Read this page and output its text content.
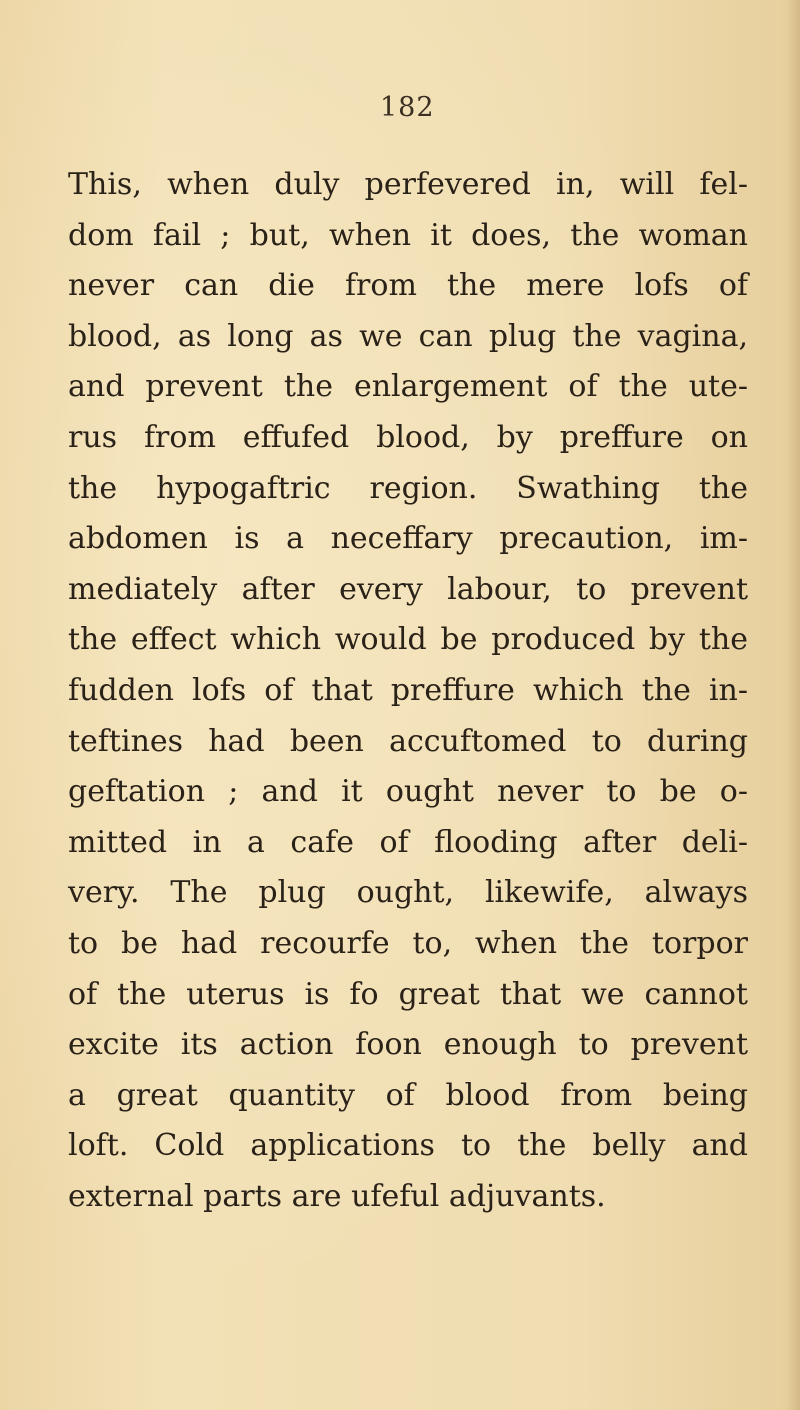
182
This, when duly perfevered in, will fel-
dom fail ; but, when it does, the woman
never can die from the mere lofs of
blood, as long as we can plug the vagina,
and prevent the enlargement of the ute-
rus from effufed blood, by preffure on
the hypogaftric region. Swathing the
abdomen is a neceffary precaution, im-
mediately after every labour, to prevent
the effect which would be produced by the
fudden lofs of that preffure which the in-
teftines had been accuftomed to during
geftation ; and it ought never to be o-
mitted in a cafe of flooding after deli-
very. The plug ought, likewife, always
to be had recourfe to, when the torpor
of the uterus is fo great that we cannot
excite its action foon enough to prevent
a great quantity of blood from being
loft. Cold applications to the belly and
external parts are ufeful adjuvants.
